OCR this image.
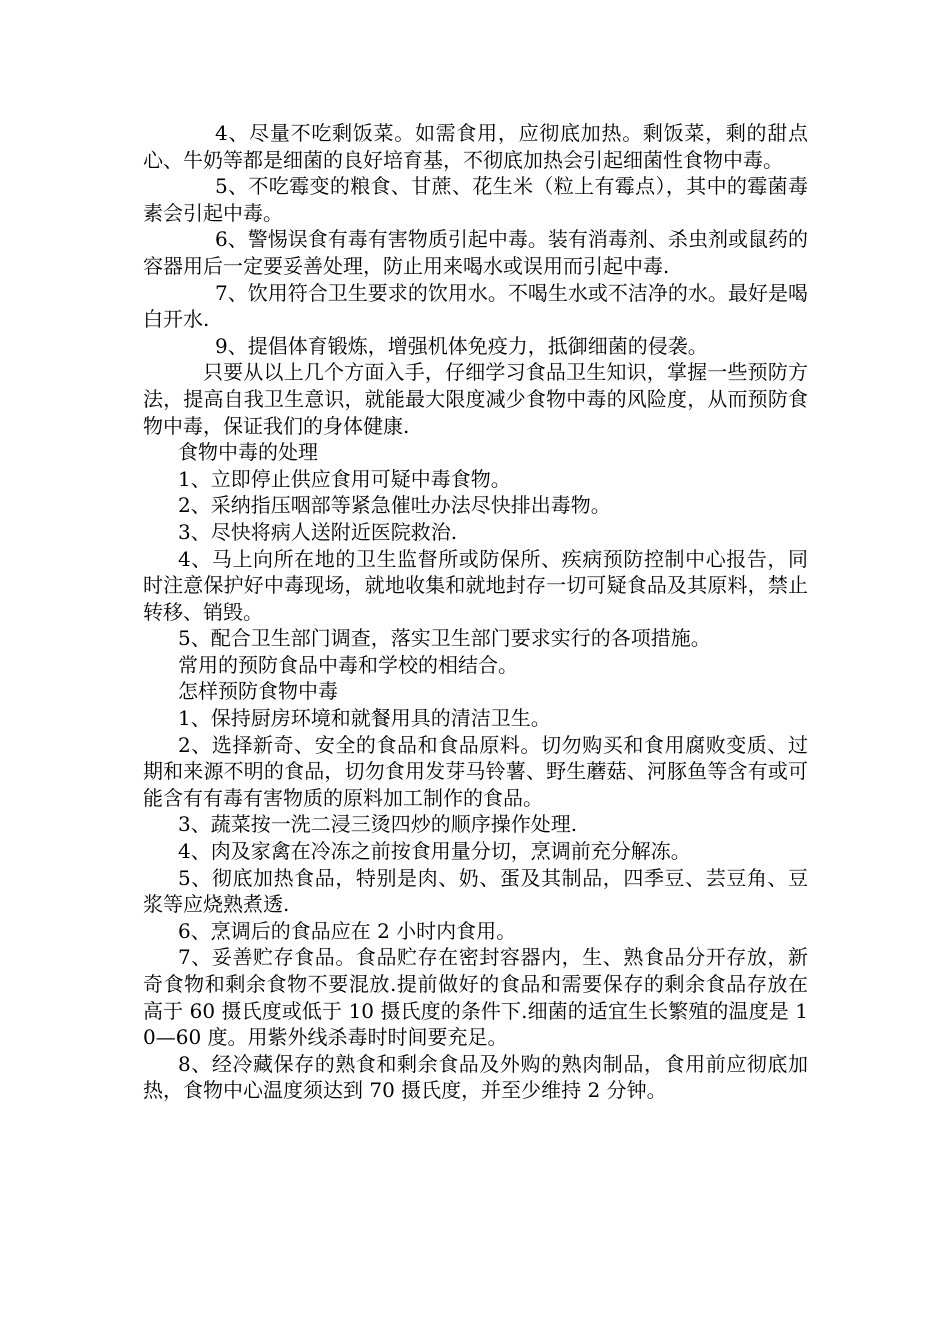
4、尽量不吃剩饭菜。如需食用，应彻底加热。剩饭菜，剩的甜点心、牛奶等都是细菌的良好培育基，不彻底加热会引起细菌性食物中毒。

5、不吃霉变的粮食、甘蔗、花生米（粒上有霉点），其中的霉菌毒素会引起中毒。

6、警惕误食有毒有害物质引起中毒。装有消毒剂、杀虫剂或鼠药的容器用后一定要妥善处理，防止用来喝水或误用而引起中毒.

7、饮用符合卫生要求的饮用水。不喝生水或不洁净的水。最好是喝白开水.

9、提倡体育锻炼，增强机体免疫力，抵御细菌的侵袭。

只要从以上几个方面入手，仔细学习食品卫生知识，掌握一些预防方法，提高自我卫生意识，就能最大限度减少食物中毒的风险度，从而预防食物中毒，保证我们的身体健康.

食物中毒的处理

1、立即停止供应食用可疑中毒食物。

2、采纳指压咽部等紧急催吐办法尽快排出毒物。

3、尽快将病人送附近医院救治.

4、马上向所在地的卫生监督所或防保所、疾病预防控制中心报告，同时注意保护好中毒现场，就地收集和就地封存一切可疑食品及其原料，禁止转移、销毁。

5、配合卫生部门调查，落实卫生部门要求实行的各项措施。

常用的预防食品中毒和学校的相结合。

怎样预防食物中毒

1、保持厨房环境和就餐用具的清洁卫生。

2、选择新奇、安全的食品和食品原料。切勿购买和食用腐败变质、过期和来源不明的食品，切勿食用发芽马铃薯、野生蘑菇、河豚鱼等含有或可能含有有毒有害物质的原料加工制作的食品。

3、蔬菜按一洗二浸三烫四炒的顺序操作处理.

4、肉及家禽在冷冻之前按食用量分切，烹调前充分解冻。

5、彻底加热食品，特别是肉、奶、蛋及其制品，四季豆、芸豆角、豆浆等应烧熟煮透.

6、烹调后的食品应在 2 小时内食用。

7、妥善贮存食品。食品贮存在密封容器内，生、熟食品分开存放，新奇食物和剩余食物不要混放.提前做好的食品和需要保存的剩余食品存放在高于 60 摄氏度或低于 10 摄氏度的条件下.细菌的适宜生长繁殖的温度是 10—60 度。用紫外线杀毒时时间要充足。

8、经冷藏保存的熟食和剩余食品及外购的熟肉制品，食用前应彻底加热，食物中心温度须达到 70 摄氏度，并至少维持 2 分钟。
